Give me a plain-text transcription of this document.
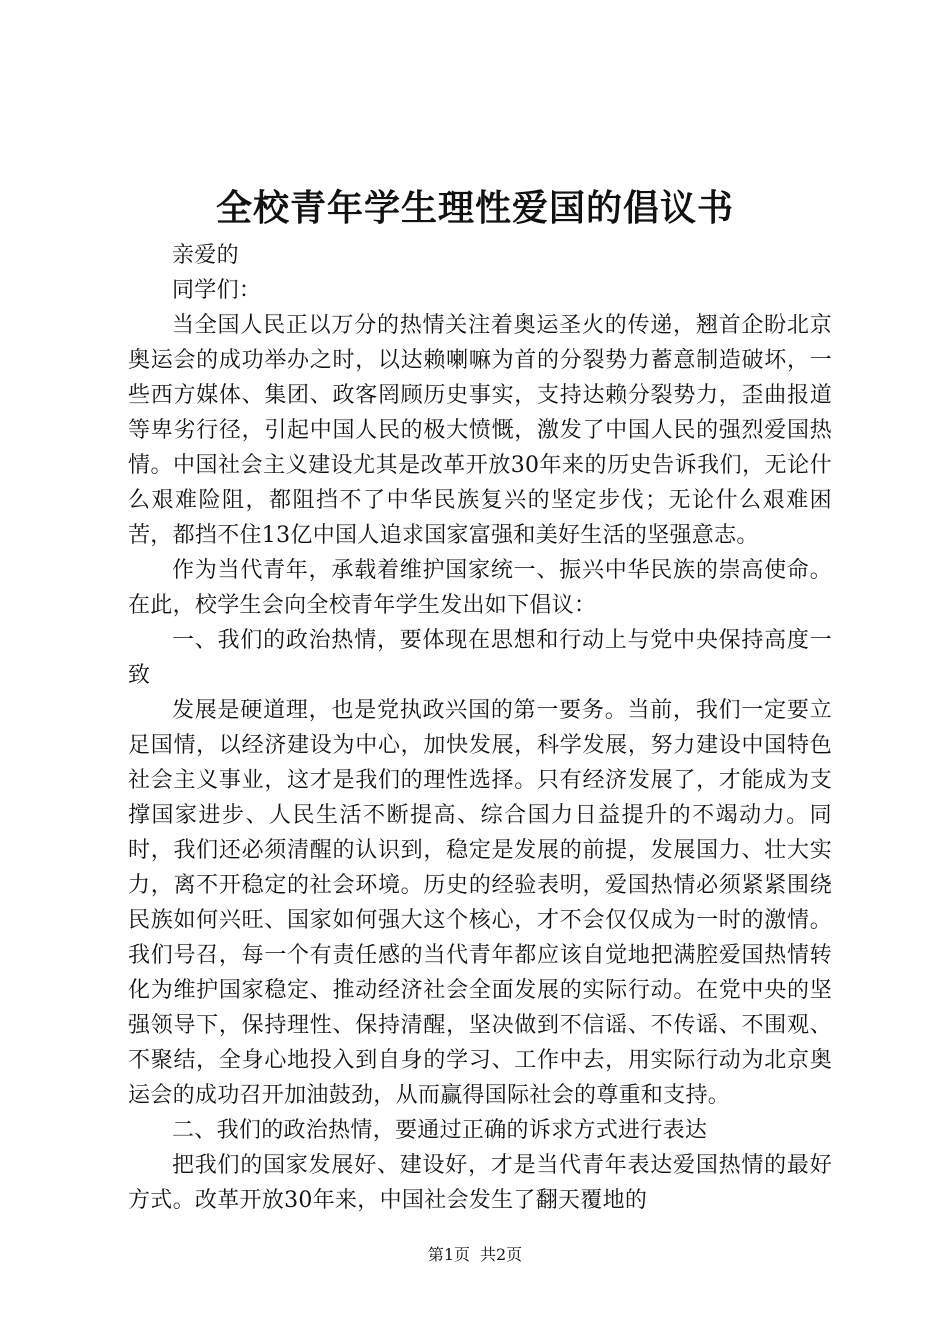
全校青年学生理性爱国的倡议书

亲爱的

同学们：

当全国人民正以万分的热情关注着奥运圣火的传递，翘首企盼北京奥运会的成功举办之时，以达赖喇嘛为首的分裂势力蓄意制造破坏，一些西方媒体、集团、政客罔顾历史事实，支持达赖分裂势力，歪曲报道等卑劣行径，引起中国人民的极大愤慨，激发了中国人民的强烈爱国热情。中国社会主义建设尤其是改革开放30年来的历史告诉我们，无论什么艰难险阻，都阻挡不了中华民族复兴的坚定步伐；无论什么艰难困苦，都挡不住13亿中国人追求国家富强和美好生活的坚强意志。

作为当代青年，承载着维护国家统一、振兴中华民族的崇高使命。在此，校学生会向全校青年学生发出如下倡议：

一、我们的政治热情，要体现在思想和行动上与党中央保持高度一致

发展是硬道理，也是党执政兴国的第一要务。当前，我们一定要立足国情，以经济建设为中心，加快发展，科学发展，努力建设中国特色社会主义事业，这才是我们的理性选择。只有经济发展了，才能成为支撑国家进步、人民生活不断提高、综合国力日益提升的不竭动力。同时，我们还必须清醒的认识到，稳定是发展的前提，发展国力、壮大实力，离不开稳定的社会环境。历史的经验表明，爱国热情必须紧紧围绕民族如何兴旺、国家如何强大这个核心，才不会仅仅成为一时的激情。我们号召，每一个有责任感的当代青年都应该自觉地把满腔爱国热情转化为维护国家稳定、推动经济社会全面发展的实际行动。在党中央的坚强领导下，保持理性、保持清醒，坚决做到不信谣、不传谣、不围观、不聚结，全身心地投入到自身的学习、工作中去，用实际行动为北京奥运会的成功召开加油鼓劲，从而赢得国际社会的尊重和支持。

二、我们的政治热情，要通过正确的诉求方式进行表达

把我们的国家发展好、建设好，才是当代青年表达爱国热情的最好方式。改革开放30年来，中国社会发生了翻天覆地的

第1页 共2页
